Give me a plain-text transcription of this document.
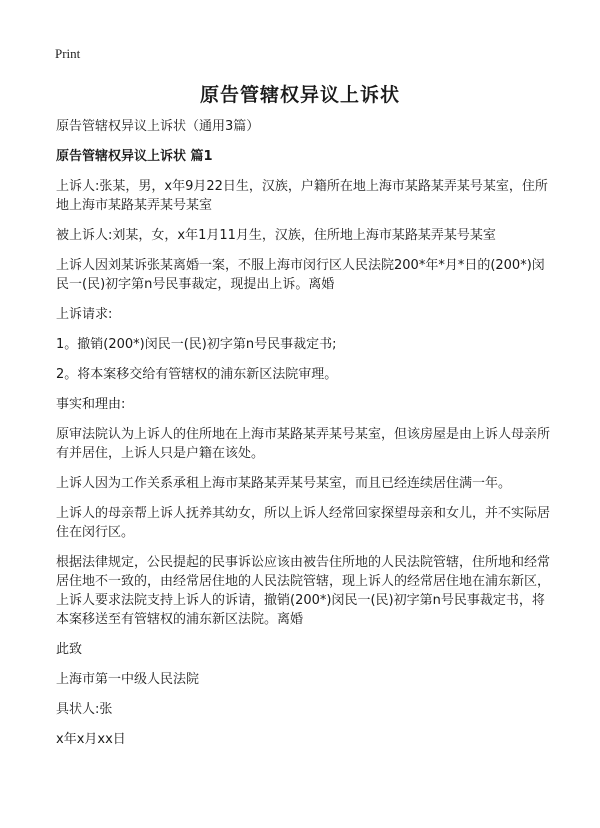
Print
原告管辖权异议上诉状

原告管辖权异议上诉状（通用3篇）

原告管辖权异议上诉状 篇1

上诉人:张某，男，x年9月22日生，汉族，户籍所在地上海市某路某弄某号某室，住所地上海市某路某弄某号某室

被上诉人:刘某，女，x年1月11月生，汉族，住所地上海市某路某弄某号某室

上诉人因刘某诉张某离婚一案，不服上海市闵行区人民法院200*年*月*日的(200*)闵民一(民)初字第n号民事裁定，现提出上诉。离婚

上诉请求:

1。撤销(200*)闵民一(民)初字第n号民事裁定书;

2。将本案移交给有管辖权的浦东新区法院审理。

事实和理由:

原审法院认为上诉人的住所地在上海市某路某弄某号某室，但该房屋是由上诉人母亲所有并居住，上诉人只是户籍在该处。

上诉人因为工作关系承租上海市某路某弄某号某室，而且已经连续居住满一年。

上诉人的母亲帮上诉人抚养其幼女，所以上诉人经常回家探望母亲和女儿，并不实际居住在闵行区。

根据法律规定，公民提起的民事诉讼应该由被告住所地的人民法院管辖，住所地和经常居住地不一致的，由经常居住地的人民法院管辖，现上诉人的经常居住地在浦东新区，上诉人要求法院支持上诉人的诉请，撤销(200*)闵民一(民)初字第n号民事裁定书，将本案移送至有管辖权的浦东新区法院。离婚

此致

上海市第一中级人民法院

具状人:张

x年x月xx日
